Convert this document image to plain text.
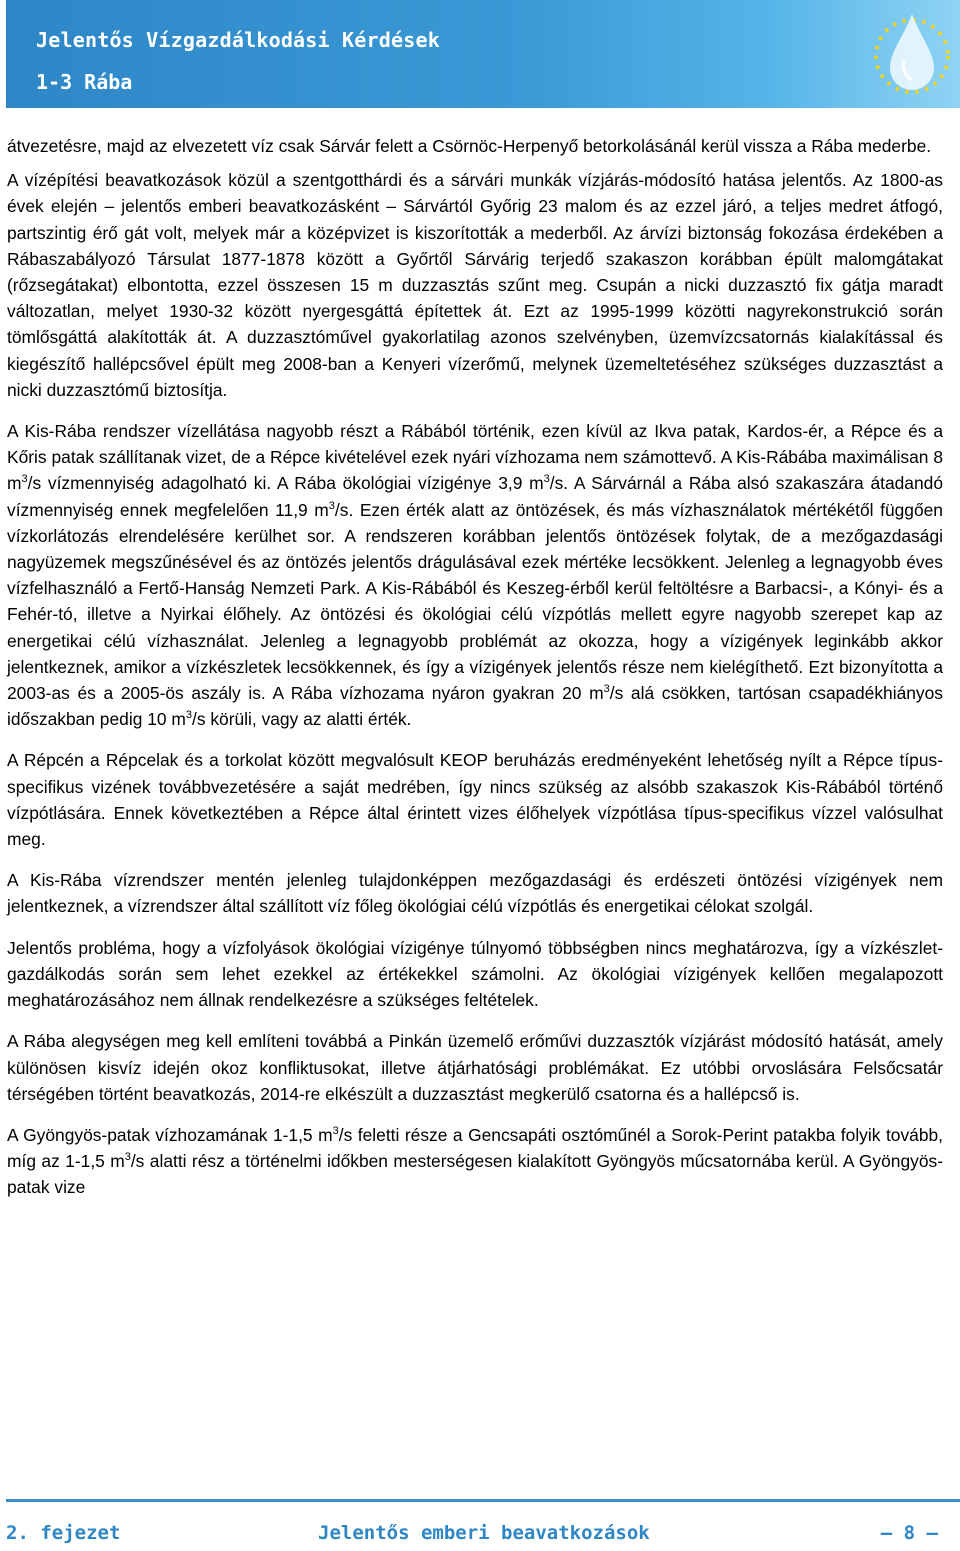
Jelentős Vízgazdálkodási Kérdések
1-3 Rába

átvezetésre, majd az elvezetett víz csak Sárvár felett a Csörnöc-Herpenyő betorkolásánál kerül vissza a Rába mederbe.

A vízépítési beavatkozások közül a szentgotthárdi és a sárvári munkák vízjárás-módosító hatása jelentős. Az 1800-as évek elején – jelentős emberi beavatkozásként – Sárvártól Győrig 23 malom és az ezzel járó, a teljes medret átfogó, partszintig érő gát volt, melyek már a középvizet is kiszorították a mederből. Az árvízi biztonság fokozása érdekében a Rábaszabályozó Társulat 1877-1878 között a Győrtől Sárvárig terjedő szakaszon korábban épült malomgátakat (rőzsegátakat) elbontotta, ezzel összesen 15 m duzzasztás szűnt meg. Csupán a nicki duzzasztó fix gátja maradt változatlan, melyet 1930-32 között nyergesgáttá építettek át. Ezt az 1995-1999 közötti nagyrekonstrukció során tömlősgáttá alakították át. A duzzasztóművel gyakorlatilag azonos szelvényben, üzemvízcsatornás kialakítással és kiegészítő hallépcsővel épült meg 2008-ban a Kenyeri vízerőmű, melynek üzemeltetéséhez szükséges duzzasztást a nicki duzzasztómű biztosítja.

A Kis-Rába rendszer vízellátása nagyobb részt a Rábából történik, ezen kívül az Ikva patak, Kardos-ér, a Répce és a Kőris patak szállítanak vizet, de a Répce kivételével ezek nyári vízhozama nem számottevő. A Kis-Rábába maximálisan 8 $m^3/s$ vízmennyiség adagolható ki. A Rába ökológiai vízigénye 3,9 $m^3/s$. A Sárvárnál a Rába alsó szakaszára átadandó vízmennyiség ennek megfelelően 11,9 $m^3/s$. Ezen érték alatt az öntözések, és más vízhasználatok mértékétől függően vízkorlátozás elrendelésére kerülhet sor. A rendszeren korábban jelentős öntözések folytak, de a mezőgazdasági nagyüzemek megszűnésével és az öntözés jelentős drágulásával ezek mértéke lecsökkent. Jelenleg a legnagyobb éves vízfelhasználó a Fertő-Hanság Nemzeti Park. A Kis-Rábából és Keszeg-érből kerül feltöltésre a Barbacsi-, a Kónyi- és a Fehér-tó, illetve a Nyirkai élőhely. Az öntözési és ökológiai célú vízpótlás mellett egyre nagyobb szerepet kap az energetikai célú vízhasználat. Jelenleg a legnagyobb problémát az okozza, hogy a vízigények leginkább akkor jelentkeznek, amikor a vízkészletek lecsökkennek, és így a vízigények jelentős része nem kielégíthető. Ezt bizonyította a 2003-as és a 2005-ös aszály is. A Rába vízhozama nyáron gyakran 20 $m^3/s$ alá csökken, tartósan csapadékhiányos időszakban pedig 10 $m^3/s$ körüli, vagy az alatti érték.

A Répcén a Répcelak és a torkolat között megvalósult KEOP beruházás eredményeként lehetőség nyílt a Répce típus-specifikus vizének továbbvezetésére a saját medrében, így nincs szükség az alsóbb szakaszok Kis-Rábából történő vízpótlására. Ennek következtében a Répce által érintett vizes élőhelyek vízpótlása típus-specifikus vízzel valósulhat meg.

A Kis-Rába vízrendszer mentén jelenleg tulajdonképpen mezőgazdasági és erdészeti öntözési vízigények nem jelentkeznek, a vízrendszer által szállított víz főleg ökológiai célú vízpótlás és energetikai célokat szolgál.

Jelentős probléma, hogy a vízfolyások ökológiai vízigénye túlnyomó többségben nincs meghatározva, így a vízkészlet-gazdálkodás során sem lehet ezekkel az értékekkel számolni. Az ökológiai vízigények kellően megalapozott meghatározásához nem állnak rendelkezésre a szükséges feltételek.

A Rába alegységen meg kell említeni továbbá a Pinkán üzemelő erőművi duzzasztók vízjárást módosító hatását, amely különösen kisvíz idején okoz konfliktusokat, illetve átjárhatósági problémákat. Ez utóbbi orvoslására Felsőcsatár térségében történt beavatkozás, 2014-re elkészült a duzzasztást megkerülő csatorna és a hallépcső is.

A Gyöngyös-patak vízhozamának 1-1,5 $m^3/s$ feletti része a Gencsapáti osztóműnél a Sorok-Perint patakba folyik tovább, míg az 1-1,5 $m^3/s$ alatti rész a történelmi időkben mesterségesen kialakított Gyöngyös műcsatornába kerül. A Gyöngyös-patak vize

2. fejezet	Jelentős emberi beavatkozások	— 8 —
